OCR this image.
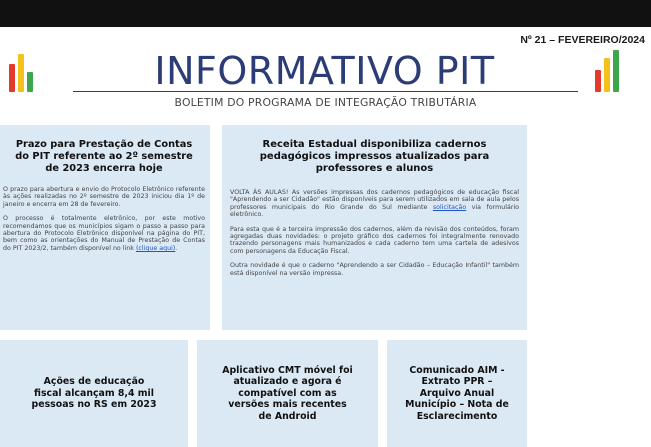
Nº 21 – FEVEREIRO/2024
INFORMATIVO PIT
BOLETIM DO PROGRAMA DE INTEGRAÇÃO TRIBUTÁRIA
Prazo para Prestação de Contas
do PIT referente ao 2º semestre
de 2023 encerra hoje

O prazo para abertura e envio do Protocolo Eletrônico referente às ações realizadas no 2º semestre de 2023 iniciou dia 1º de janeiro e encerra em 28 de fevereiro.

O processo é totalmente eletrônico, por este motivo recomendamos que os municípios sigam o passo a passo para abertura do Protocolo Eletrônico disponível na página do PIT, bem como as orientações do Manual de Prestação de Contas do PIT 2023/2, também disponível no link (clique aqui).

Receita Estadual disponibiliza cadernos
pedagógicos impressos atualizados para
professores e alunos

VOLTA ÀS AULAS! As versões impressas dos cadernos pedagógicos de educação fiscal "Aprendendo a ser Cidadão" estão disponíveis para serem utilizados em sala de aula pelos professores municipais do Rio Grande do Sul mediante solicitação via formulário eletrônico.

Para esta que é a terceira impressão dos cadernos, além da revisão dos conteúdos, foram agregadas duas novidades: o projeto gráfico dos cadernos foi integralmente renovado trazendo personagens mais humanizados e cada caderno tem uma cartela de adesivos com personagens da Educação Fiscal.

Outra novidade é que o caderno "Aprendendo a ser Cidadão – Educação Infantil" também está disponível na versão impressa.

Ações de educação
fiscal alcançam 8,4 mil
pessoas no RS em 2023
Aplicativo CMT móvel foi
atualizado e agora é
compatível com as
versões mais recentes
de Android
Comunicado AIM -
Extrato PPR –
Arquivo Anual
Município – Nota de
Esclarecimento
